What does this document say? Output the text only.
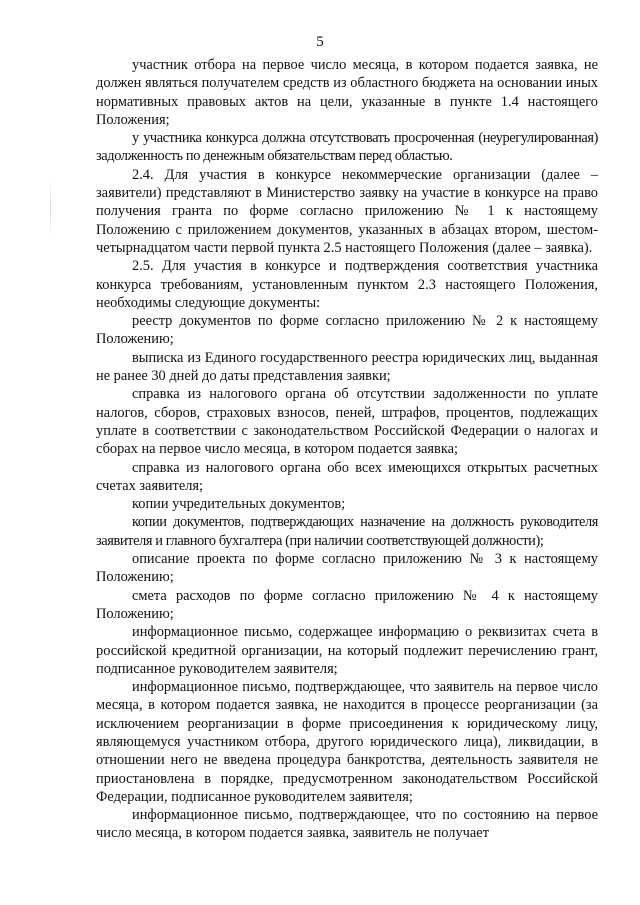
5

участник отбора на первое число месяца, в котором подается заявка, не должен являться получателем средств из областного бюджета на основании иных нормативных правовых актов на цели, указанные в пункте 1.4 настоящего Положения;

у участника конкурса должна отсутствовать просроченная (неурегулированная) задолженность по денежным обязательствам перед областью.

2.4. Для участия в конкурсе некоммерческие организации (далее – заявители) представляют в Министерство заявку на участие в конкурсе на право получения гранта по форме согласно приложению № 1 к настоящему Положению с приложением документов, указанных в абзацах втором, шестом-четырнадцатом части первой пункта 2.5 настоящего Положения (далее – заявка).

2.5. Для участия в конкурсе и подтверждения соответствия участника конкурса требованиям, установленным пунктом 2.3 настоящего Положения, необходимы следующие документы:

реестр документов по форме согласно приложению № 2 к настоящему Положению;

выписка из Единого государственного реестра юридических лиц, выданная не ранее 30 дней до даты представления заявки;

справка из налогового органа об отсутствии задолженности по уплате налогов, сборов, страховых взносов, пеней, штрафов, процентов, подлежащих уплате в соответствии с законодательством Российской Федерации о налогах и сборах на первое число месяца, в котором подается заявка;

справка из налогового органа обо всех имеющихся открытых расчетных счетах заявителя;

копии учредительных документов;

копии документов, подтверждающих назначение на должность руководителя заявителя и главного бухгалтера (при наличии соответствующей должности);

описание проекта по форме согласно приложению № 3 к настоящему Положению;

смета расходов по форме согласно приложению № 4 к настоящему Положению;

информационное письмо, содержащее информацию о реквизитах счета в российской кредитной организации, на который подлежит перечислению грант, подписанное руководителем заявителя;

информационное письмо, подтверждающее, что заявитель на первое число месяца, в котором подается заявка, не находится в процессе реорганизации (за исключением реорганизации в форме присоединения к юридическому лицу, являющемуся участником отбора, другого юридического лица), ликвидации, в отношении него не введена процедура банкротства, деятельность заявителя не приостановлена в порядке, предусмотренном законодательством Российской Федерации, подписанное руководителем заявителя;

информационное письмо, подтверждающее, что по состоянию на первое число месяца, в котором подается заявка, заявитель не получает
